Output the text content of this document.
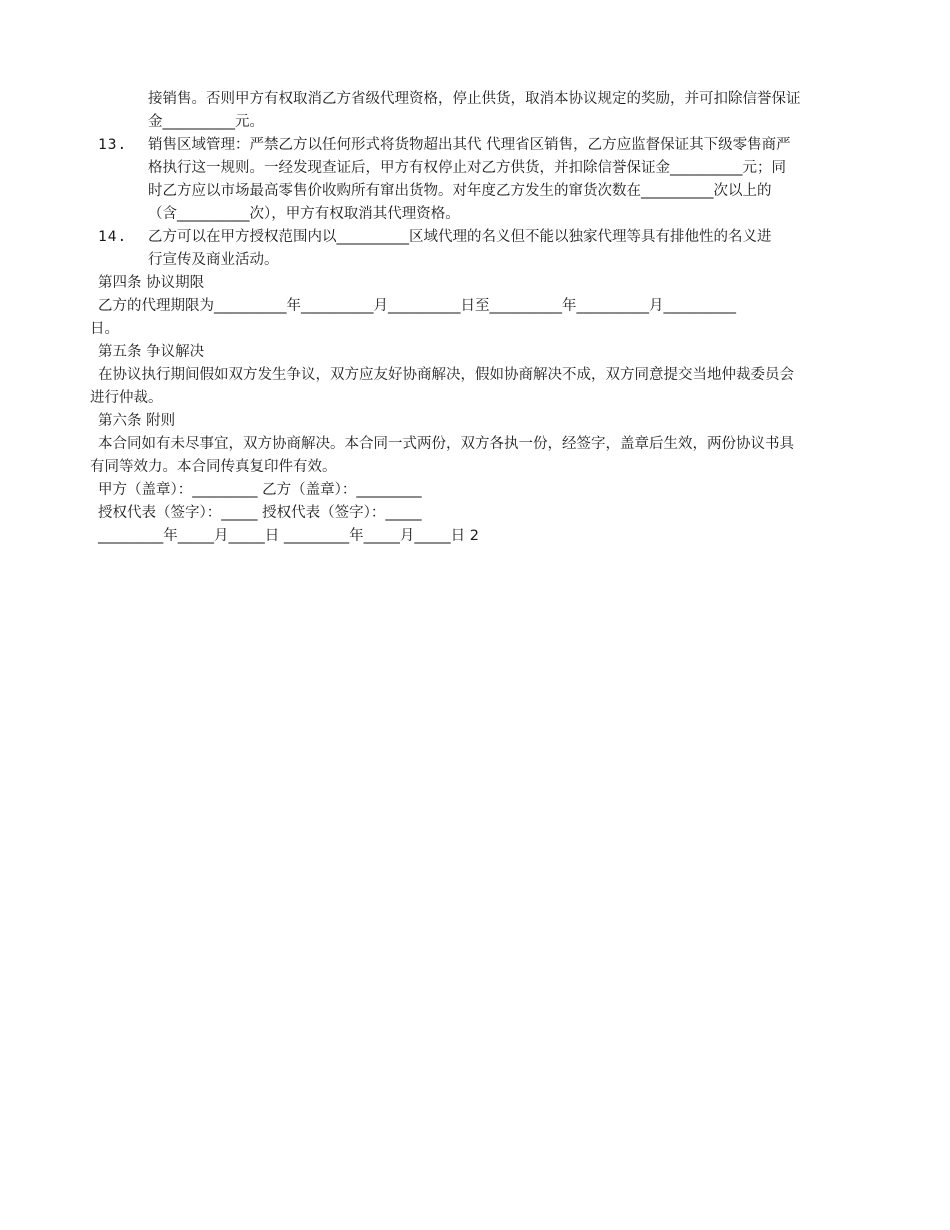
接销售。否则甲方有权取消乙方省级代理资格，停止供货，取消本协议规定的奖励，并可扣除信誉保证
金__________元。
13. 销售区域管理：严禁乙方以任何形式将货物超出其代 代理省区销售，乙方应监督保证其下级零售商严
格执行这一规则。一经发现查证后，甲方有权停止对乙方供货，并扣除信誉保证金__________元；同
时乙方应以市场最高零售价收购所有窜出货物。对年度乙方发生的窜货次数在__________次以上的
（含__________次），甲方有权取消其代理资格。
14. 乙方可以在甲方授权范围内以__________区域代理的名义但不能以独家代理等具有排他性的名义进
行宣传及商业活动。
第四条 协议期限
乙方的代理期限为__________年__________月__________日至__________年__________月__________
日。
第五条 争议解决
在协议执行期间假如双方发生争议，双方应友好协商解决，假如协商解决不成，双方同意提交当地仲裁委员会
进行仲裁。
第六条 附则
本合同如有未尽事宜，双方协商解决。本合同一式两份，双方各执一份，经签字，盖章后生效，两份协议书具
有同等效力。本合同传真复印件有效。
甲方（盖章）：_________ 乙方（盖章）：_________
授权代表（签字）：_____ 授权代表（签字）：_____
_________年_____月_____日 _________年_____月_____日 2
